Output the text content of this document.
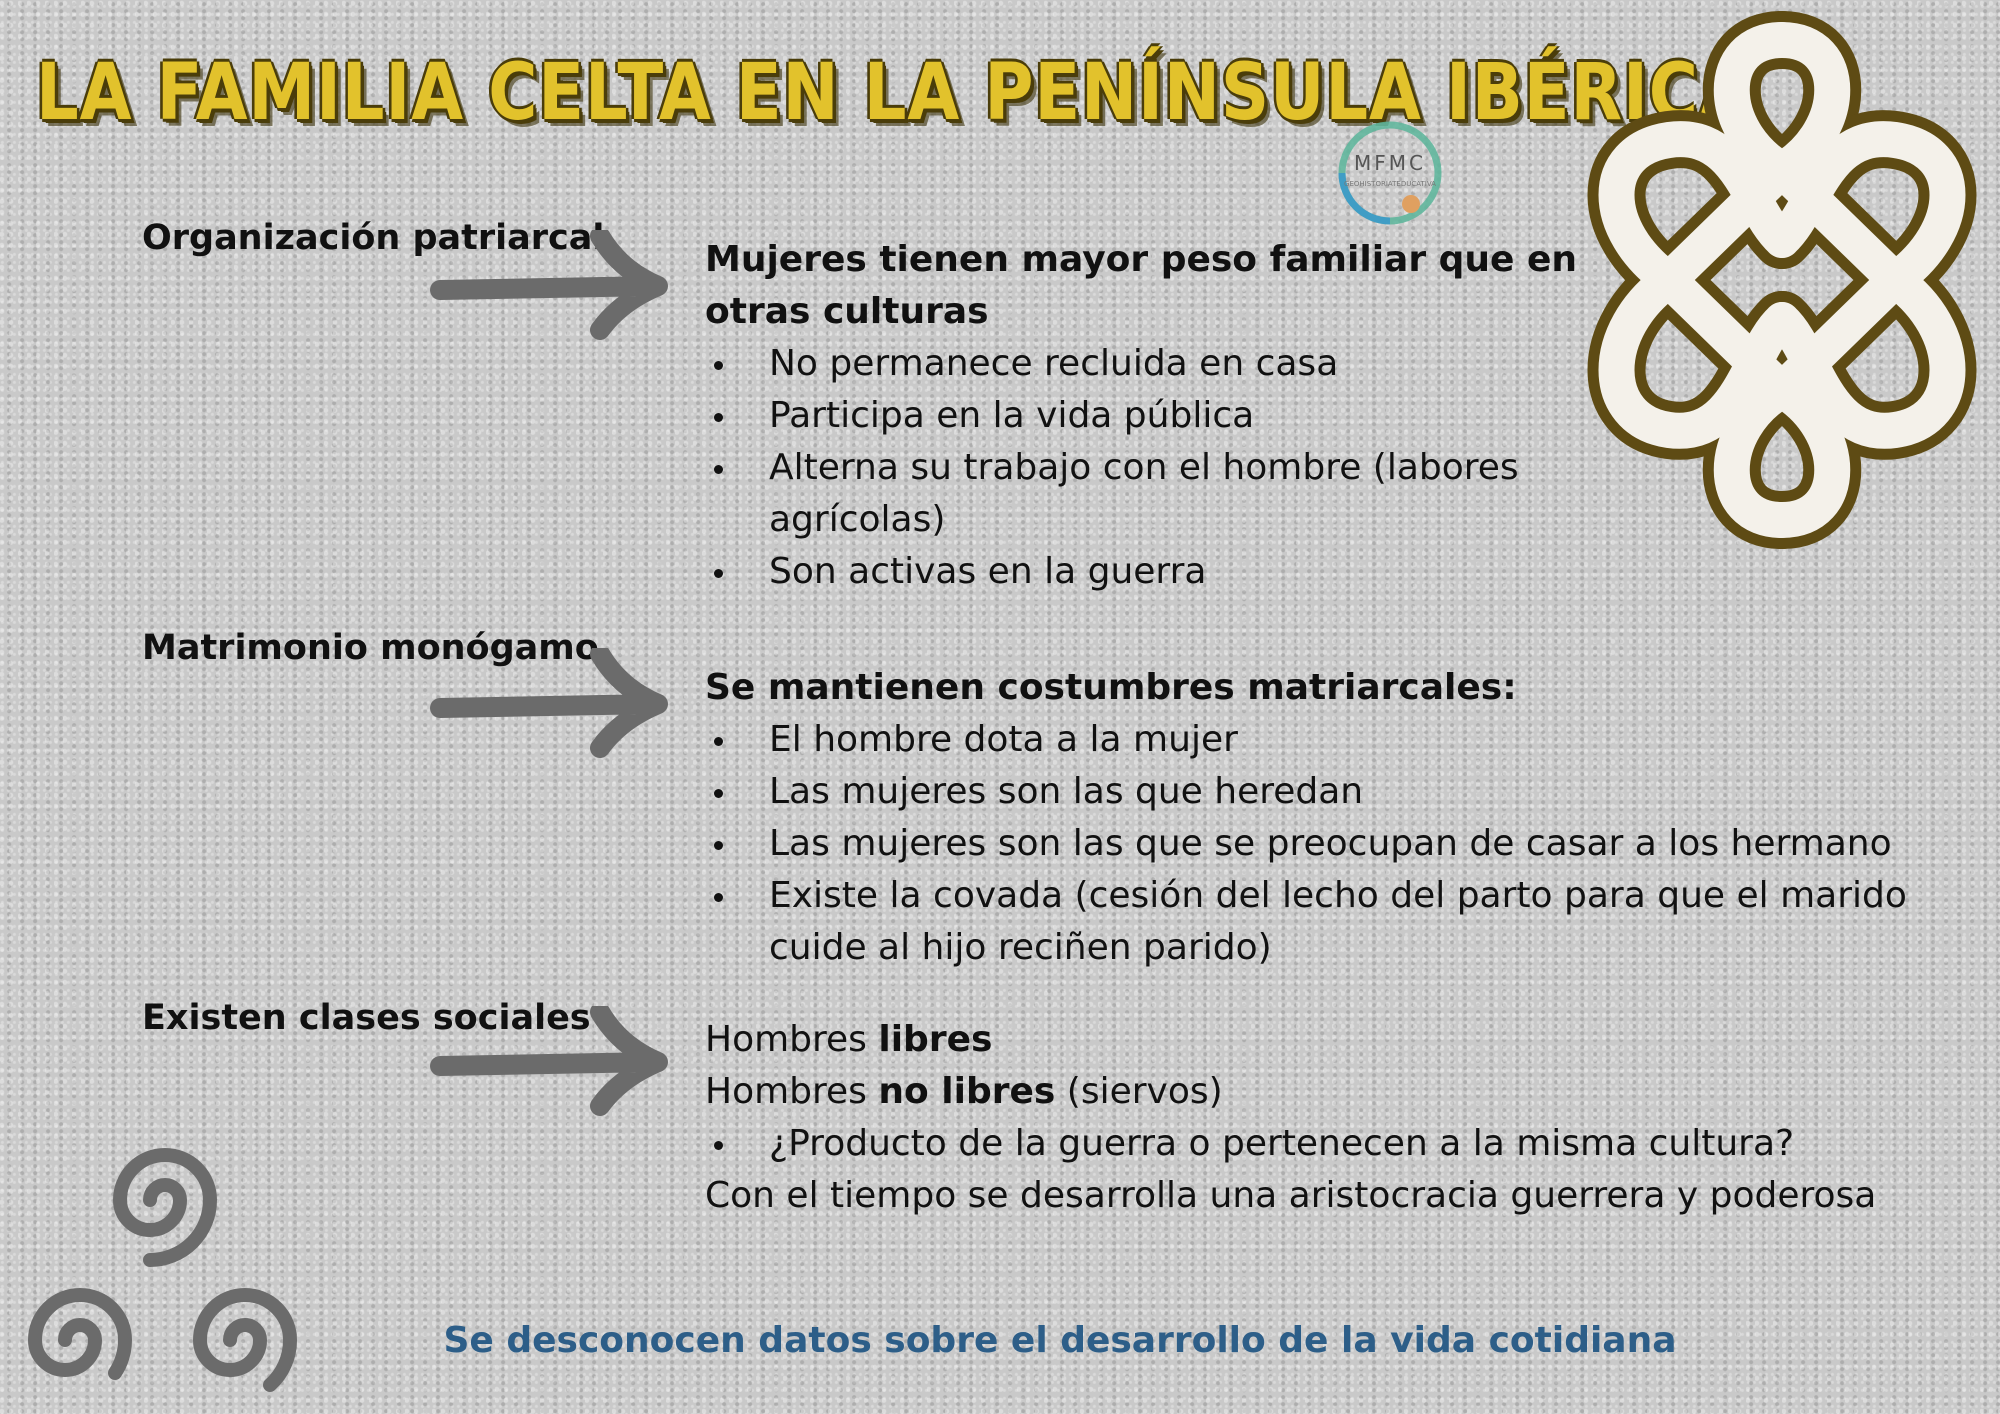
LA FAMILIA CELTA EN LA PENÍNSULA IBÉRICA
MFMC
GEOHISTORIATEDUCATIVA
Organización patriarcal
Mujeres tienen mayor peso familiar que en
otras culturas
• No permanece recluida en casa
• Participa en la vida pública
• Alterna su trabajo con el hombre (labores
agrícolas)
• Son activas en la guerra
Matrimonio monógamo
Se mantienen costumbres matriarcales:
• El hombre dota a la mujer
• Las mujeres son las que heredan
• Las mujeres son las que se preocupan de casar a los hermano
• Existe la covada (cesión del lecho del parto para que el marido
cuide al hijo reciñen parido)
Existen clases sociales
Hombres libres
Hombres no libres (siervos)
• ¿Producto de la guerra o pertenecen a la misma cultura?
Con el tiempo se desarrolla una aristocracia guerrera y poderosa
Se desconocen datos sobre el desarrollo de la vida cotidiana
